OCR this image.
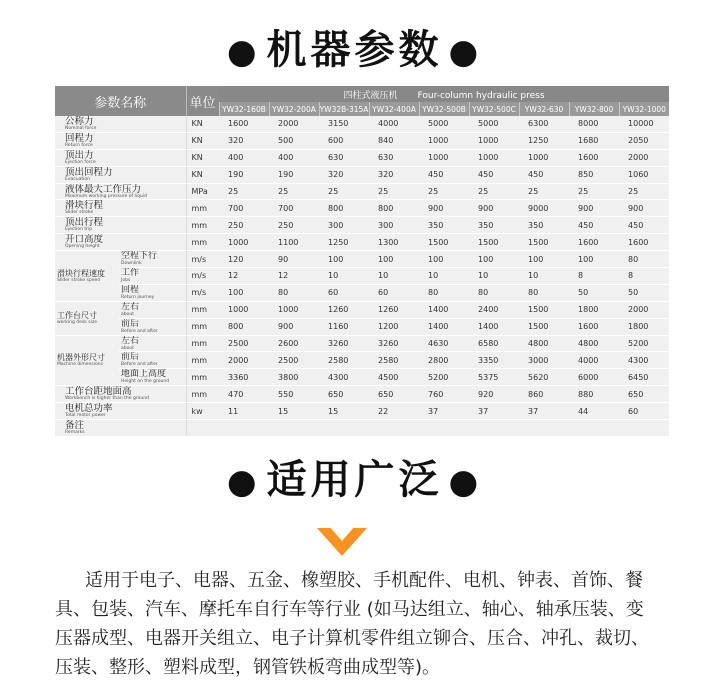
● 机器参数 ●
参数名称		单位	四柱式液压机 Four-column hydraulic press								
			YW32-160B	YW32-200A	YW32B-315A	YW32-400A	YW32-500B	YW32-500C	YW32-630	YW32-800	YW32-1000

公称力
Nominal force		KN	1600	2000	3150	4000	5000	5000	6300	8000	10000

回程力
Return force		KN	320	500	600	840	1000	1000	1250	1680	2050

顶出力
Ejection force		KN	400	400	630	630	1000	1000	1000	1600	2000

顶出回程力
Evacuation		KN	190	190	320	320	450	450	450	850	1060

液体最大工作压力
Maximum working pressure of liquid		MPa	25	25	25	25	25	25	25	25	25

滑块行程
Slider stroke		mm	700	700	800	800	900	900	9000	900	900

顶出行程
Ejection trip		mm	250	250	300	300	350	350	350	450	450

开口高度
Opening height		mm	1000	1100	1250	1300	1500	1500	1500	1600	1600

滑块行程速度
Slider stroke speed	空程下行
Downlink	m/s	120	90	100	100	100	100	100	100	80

	工作
Jobs	m/s	12	12	10	10	10	10	10	8	8

	回程
Return journey	m/s	100	80	60	60	80	80	80	50	50

工作台尺寸
working desk size	左右
about	mm	1000	1000	1260	1260	1400	2400	1500	1800	2000

	前后
Before and after	mm	800	900	1160	1200	1400	1400	1500	1600	1800

机器外形尺寸
Machine dimensions	左右
about	mm	2500	2600	3260	3260	4630	6580	4800	4800	5200

	前后
Before and after	mm	2000	2500	2580	2580	2800	3350	3000	4000	4300

	地面上高度
Height on the ground	mm	3360	3800	4300	4500	5200	5375	5620	6000	6450

工作台距地面高
Workbench is higher than the ground		mm	470	550	650	650	760	920	860	880	650

电机总功率
Total motor power		kw	11	15	15	22	37	37	37	44	60

备注
Remarks											

● 适用广泛 ●
适用于电子、电器、五金、橡塑胶、手机配件、电机、钟表、首饰、餐具、包装、汽车、摩托车自行车等行业 (如马达组立、轴心、轴承压装、变压器成型、电器开关组立、电子计算机零件组立铆合、压合、冲孔、裁切、压装、整形、塑料成型，钢管铁板弯曲成型等)。
